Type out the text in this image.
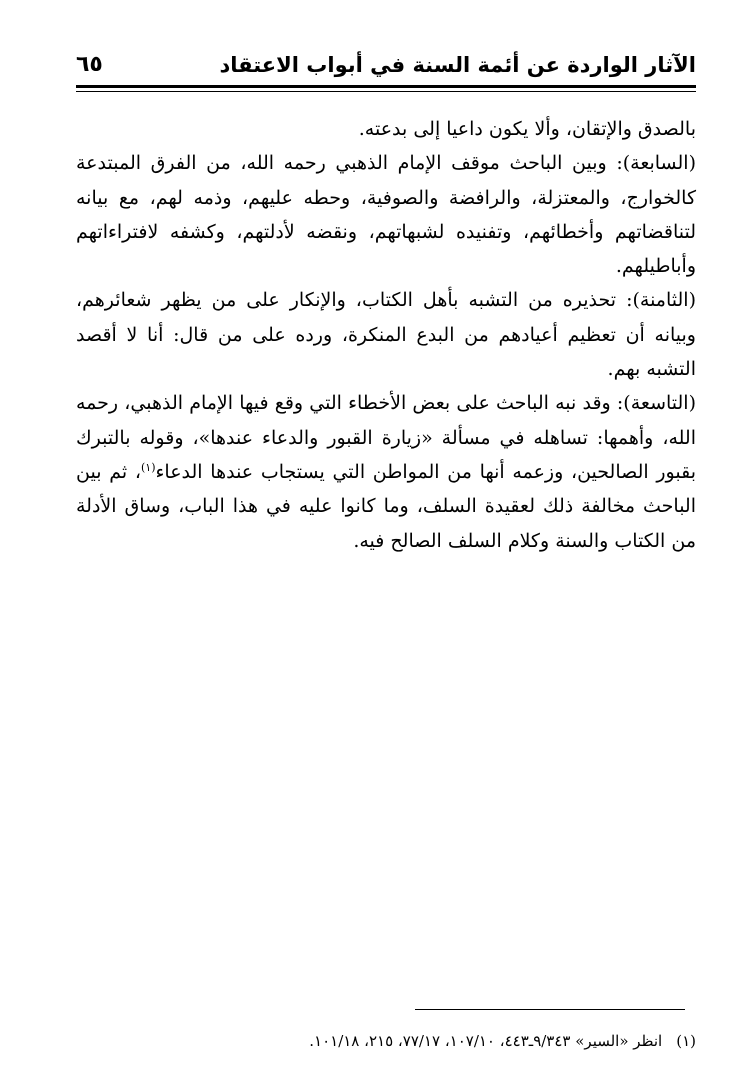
٦٥	الآثار الواردة عن أئمة السنة في أبواب الاعتقاد

بالصدق والإتقان، وألا يكون داعيا إلى بدعته.

(السابعة): وبين الباحث موقف الإمام الذهبي رحمه الله، من الفرق المبتدعة كالخوارج، والمعتزلة، والرافضة والصوفية، وحطه عليهم، وذمه لهم، مع بيانه لتناقضاتهم وأخطائهم، وتفنيده لشبهاتهم، ونقضه لأدلتهم، وكشفه لافتراءاتهم وأباطيلهم.

(الثامنة): تحذيره من التشبه بأهل الكتاب، والإنكار على من يظهر شعائرهم، وبيانه أن تعظيم أعيادهم من البدع المنكرة، ورده على من قال: أنا لا أقصد التشبه بهم.

(التاسعة): وقد نبه الباحث على بعض الأخطاء التي وقع فيها الإمام الذهبي، رحمه الله، وأهمها: تساهله في مسألة «زيارة القبور والدعاء عندها»، وقوله بالتبرك بقبور الصالحين، وزعمه أنها من المواطن التي يستجاب عندها الدعاء$^{(١)}$، ثم بين الباحث مخالفة ذلك لعقيدة السلف، وما كانوا عليه في هذا الباب، وساق الأدلة من الكتاب والسنة وكلام السلف الصالح فيه.

(١)انظر «السير» ٩/٣٤٣ـ٤٤٣، ١٠٧/١٠، ٧٧/١٧، ٢١٥، ١٠١/١٨.
